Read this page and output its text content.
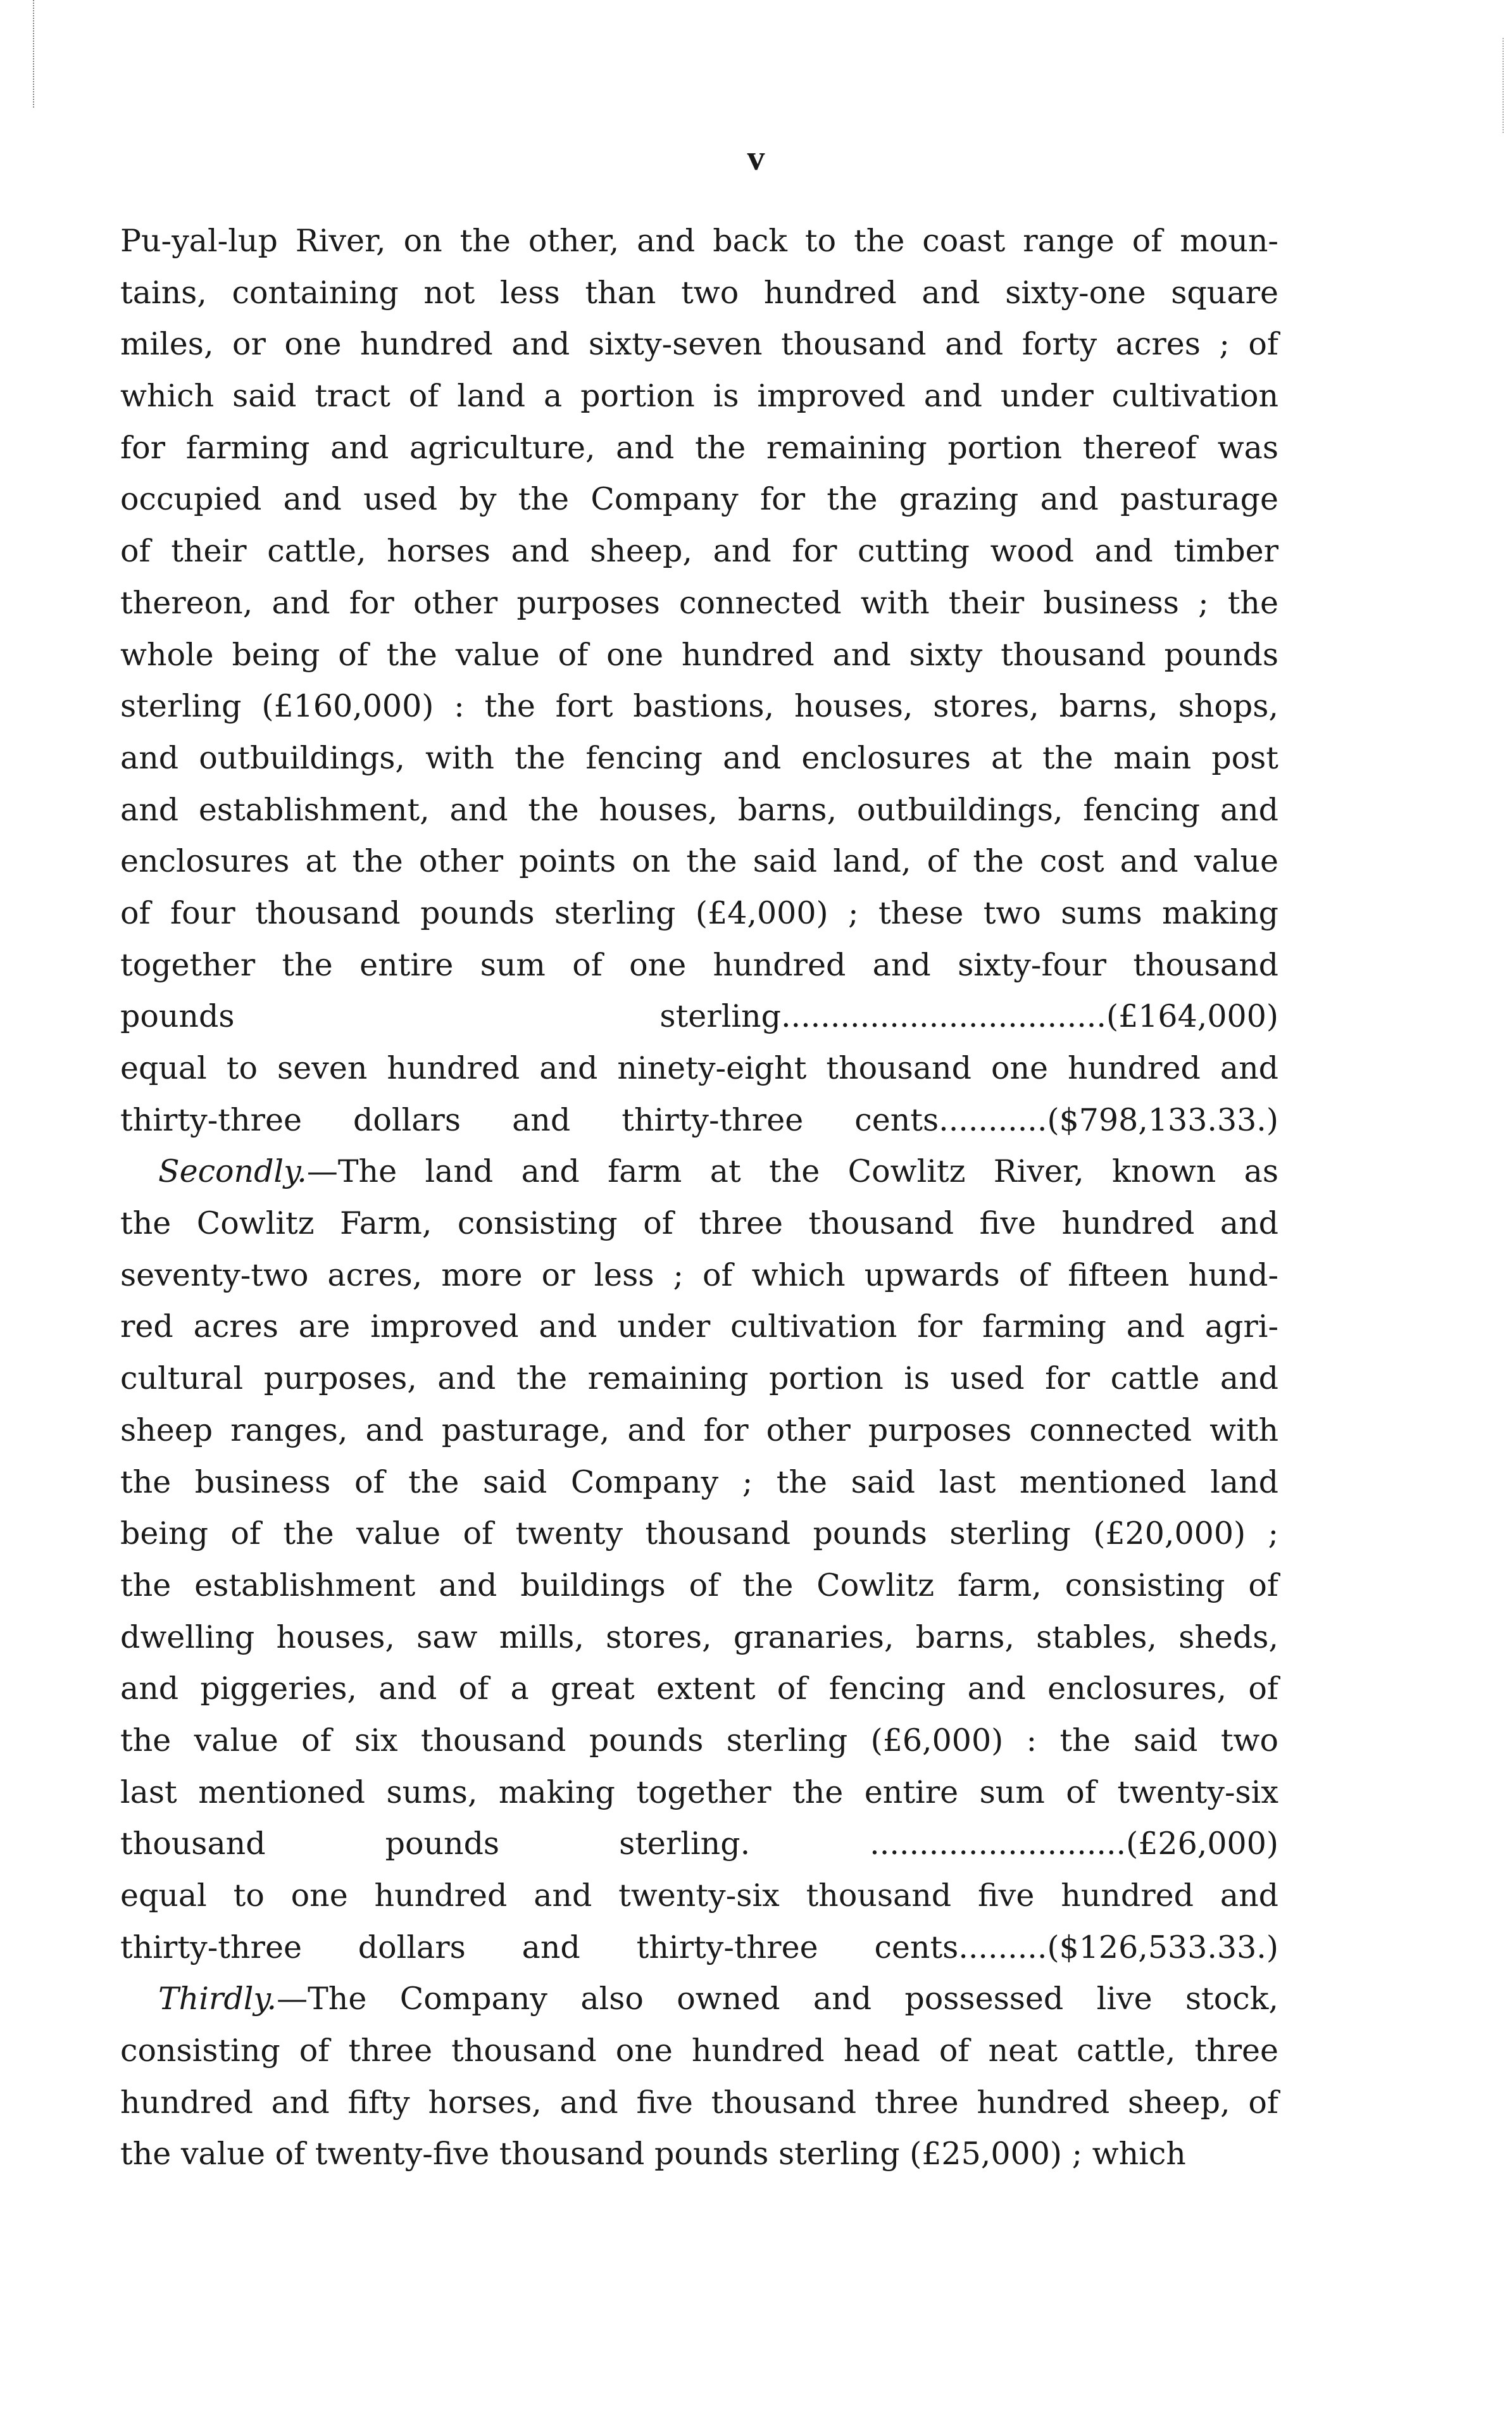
v
Pu-yal-lup River, on the other, and back to the coast range of moun-
tains, containing not less than two hundred and sixty-one square
miles, or one hundred and sixty-seven thousand and forty acres ; of
which said tract of land a portion is improved and under cultivation
for farming and agriculture, and the remaining portion thereof was
occupied and used by the Company for the grazing and pasturage
of their cattle, horses and sheep, and for cutting wood and timber
thereon, and for other purposes connected with their business ; the
whole being of the value of one hundred and sixty thousand pounds
sterling (£160,000) : the fort bastions, houses, stores, barns, shops,
and outbuildings, with the fencing and enclosures at the main post
and establishment, and the houses, barns, outbuildings, fencing and
enclosures at the other points on the said land, of the cost and value
of four thousand pounds sterling (£4,000) ; these two sums making
together the entire sum of one hundred and sixty-four thousand
pounds sterling.................................(£164,000)
equal to seven hundred and ninety-eight thousand one hundred and
thirty-three dollars and thirty-three cents...........($798,133.33.)
Secondly.—The land and farm at the Cowlitz River, known as
the Cowlitz Farm, consisting of three thousand five hundred and
seventy-two acres, more or less ; of which upwards of fifteen hund-
red acres are improved and under cultivation for farming and agri-
cultural purposes, and the remaining portion is used for cattle and
sheep ranges, and pasturage, and for other purposes connected with
the business of the said Company ; the said last mentioned land
being of the value of twenty thousand pounds sterling (£20,000) ;
the establishment and buildings of the Cowlitz farm, consisting of
dwelling houses, saw mills, stores, granaries, barns, stables, sheds,
and piggeries, and of a great extent of fencing and enclosures, of
the value of six thousand pounds sterling (£6,000) : the said two
last mentioned sums, making together the entire sum of twenty-six
thousand pounds sterling. ..........................(£26,000)
equal to one hundred and twenty-six thousand five hundred and
thirty-three dollars and thirty-three cents.........($126,533.33.)
Thirdly.—The Company also owned and possessed live stock,
consisting of three thousand one hundred head of neat cattle, three
hundred and fifty horses, and five thousand three hundred sheep, of
the value of twenty-five thousand pounds sterling (£25,000) ; which
